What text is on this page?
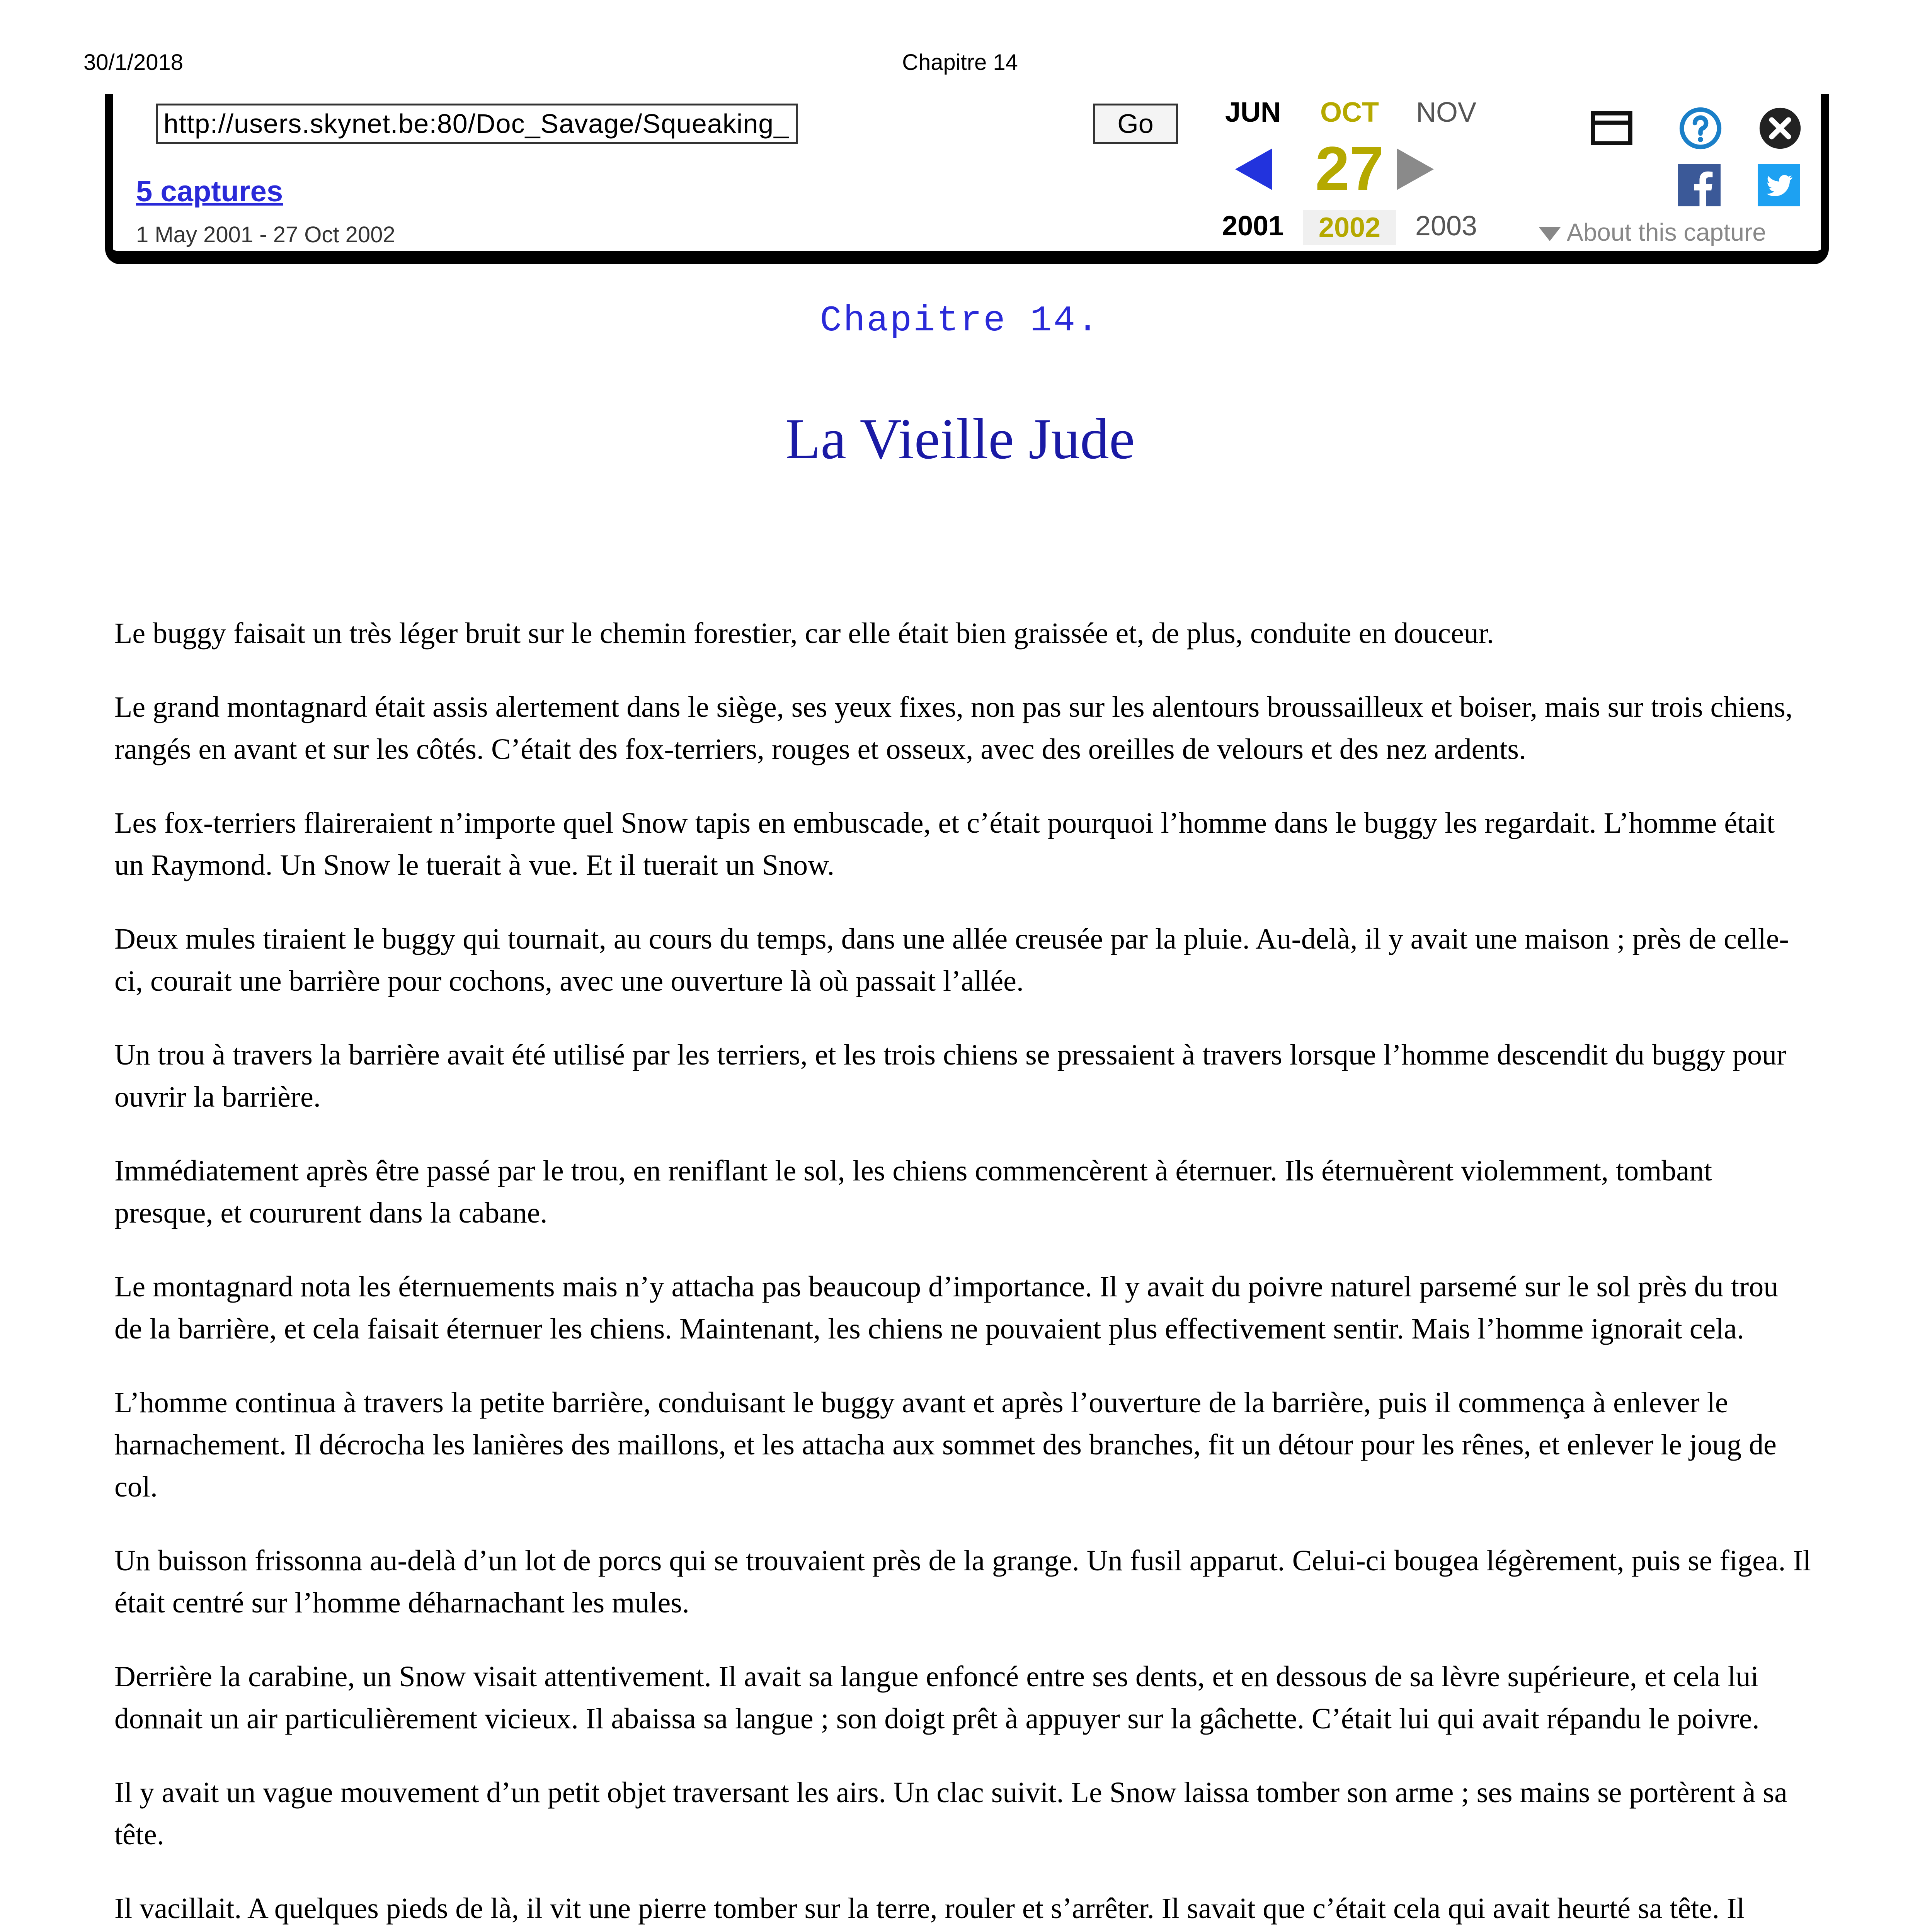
30/1/2018	Chapitre 14
http://users.skynet.be:80/Doc_Savage/Squeaking_goblin/Lutin_14
Go
5 captures
1 May 2001 - 27 Oct 2002
JUN	OCT	NOV
27
2001	2002	2003	About this capture
Chapitre 14.
La Vieille Jude

Le buggy faisait un très léger bruit sur le chemin forestier, car elle était bien graissée et, de plus, conduite en douceur.

Le grand montagnard était assis alertement dans le siège, ses yeux fixes, non pas sur les alentours broussailleux et boiser, mais sur trois chiens, rangés en avant et sur les côtés. C’était des fox-terriers, rouges et osseux, avec des oreilles de velours et des nez ardents.

Les fox-terriers flaireraient n’importe quel Snow tapis en embuscade, et c’était pourquoi l’homme dans le buggy les regardait. L’homme était un Raymond. Un Snow le tuerait à vue. Et il tuerait un Snow.

Deux mules tiraient le buggy qui tournait, au cours du temps, dans une allée creusée par la pluie. Au-delà, il y avait une maison ; près de celle-ci, courait une barrière pour cochons, avec une ouverture là où passait l’allée.

Un trou à travers la barrière avait été utilisé par les terriers, et les trois chiens se pressaient à travers lorsque l’homme descendit du buggy pour ouvrir la barrière.

Immédiatement après être passé par le trou, en reniflant le sol, les chiens commencèrent à éternuer. Ils éternuèrent violemment, tombant presque, et coururent dans la cabane.

Le montagnard nota les éternuements mais n’y attacha pas beaucoup d’importance. Il y avait du poivre naturel parsemé sur le sol près du trou de la barrière, et cela faisait éternuer les chiens. Maintenant, les chiens ne pouvaient plus effectivement sentir. Mais l’homme ignorait cela.

L’homme continua à travers la petite barrière, conduisant le buggy avant et après l’ouverture de la barrière, puis il commença à enlever le harnachement. Il décrocha les lanières des maillons, et les attacha aux sommet des branches, fit un détour pour les rênes, et enlever le joug de col.

Un buisson frissonna au-delà d’un lot de porcs qui se trouvaient près de la grange. Un fusil apparut. Celui-ci bougea légèrement, puis se figea. Il était centré sur l’homme déharnachant les mules.

Derrière la carabine, un Snow visait attentivement. Il avait sa langue enfoncé entre ses dents, et en dessous de sa lèvre supérieure, et cela lui donnait un air particulièrement vicieux. Il abaissa sa langue ; son doigt prêt à appuyer sur la gâchette. C’était lui qui avait répandu le poivre.

Il y avait un vague mouvement d’un petit objet traversant les airs. Un clac suivit. Le Snow laissa tomber son arme ; ses mains se portèrent à sa tête.

Il vacillait. A quelques pieds de là, il vit une pierre tomber sur la terre, rouler et s’arrêter. Il savait que c’était cela qui avait heurté sa tête. Il
